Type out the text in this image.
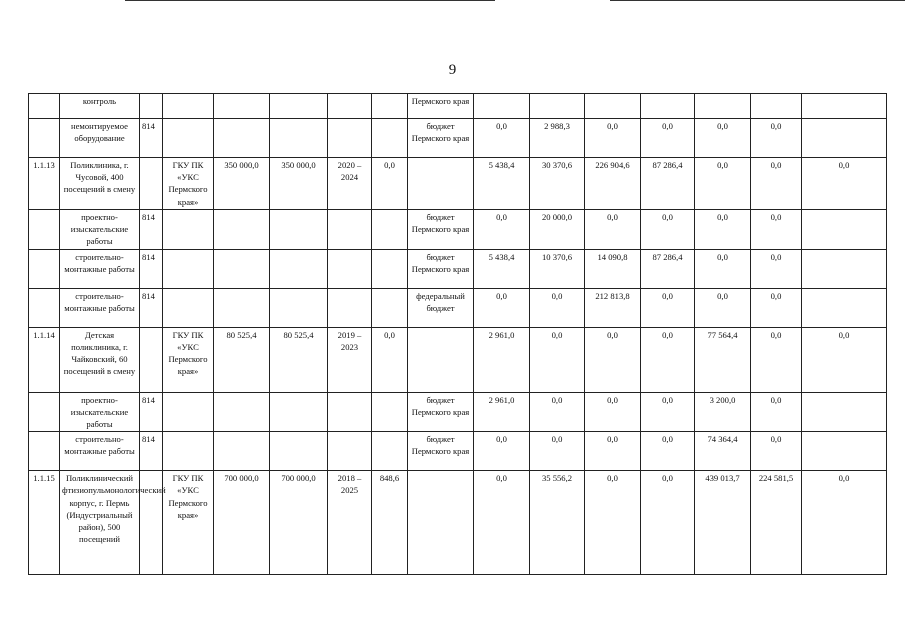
9
	контроль							Пермского края							
	немонтируемое оборудование	814						бюджет Пермского края	0,0	2 988,3	0,0	0,0	0,0	0,0	
1.1.13	Поликлиника, г. Чусовой, 400 посещений в смену		ГКУ ПК «УКС Пермского края»	350 000,0	350 000,0	2020 – 2024	0,0		5 438,4	30 370,6	226 904,6	87 286,4	0,0	0,0	0,0
	проектно-изыскательские работы	814						бюджет Пермского края	0,0	20 000,0	0,0	0,0	0,0	0,0	
	строительно-монтажные работы	814						бюджет Пермского края	5 438,4	10 370,6	14 090,8	87 286,4	0,0	0,0	
	строительно-монтажные работы	814						федеральный бюджет	0,0	0,0	212 813,8	0,0	0,0	0,0	
1.1.14	Детская поликлиника, г. Чайковский, 60 посещений в смену		ГКУ ПК «УКС Пермского края»	80 525,4	80 525,4	2019 – 2023	0,0		2 961,0	0,0	0,0	0,0	77 564,4	0,0	0,0
	проектно-изыскательские работы	814						бюджет Пермского края	2 961,0	0,0	0,0	0,0	3 200,0	0,0	
	строительно-монтажные работы	814						бюджет Пермского края	0,0	0,0	0,0	0,0	74 364,4	0,0	
1.1.15	Поликлинический фтизиопульмонологический корпус, г. Пермь (Индустриальный район), 500 посещений		ГКУ ПК «УКС Пермского края»	700 000,0	700 000,0	2018 – 2025	848,6		0,0	35 556,2	0,0	0,0	439 013,7	224 581,5	0,0
